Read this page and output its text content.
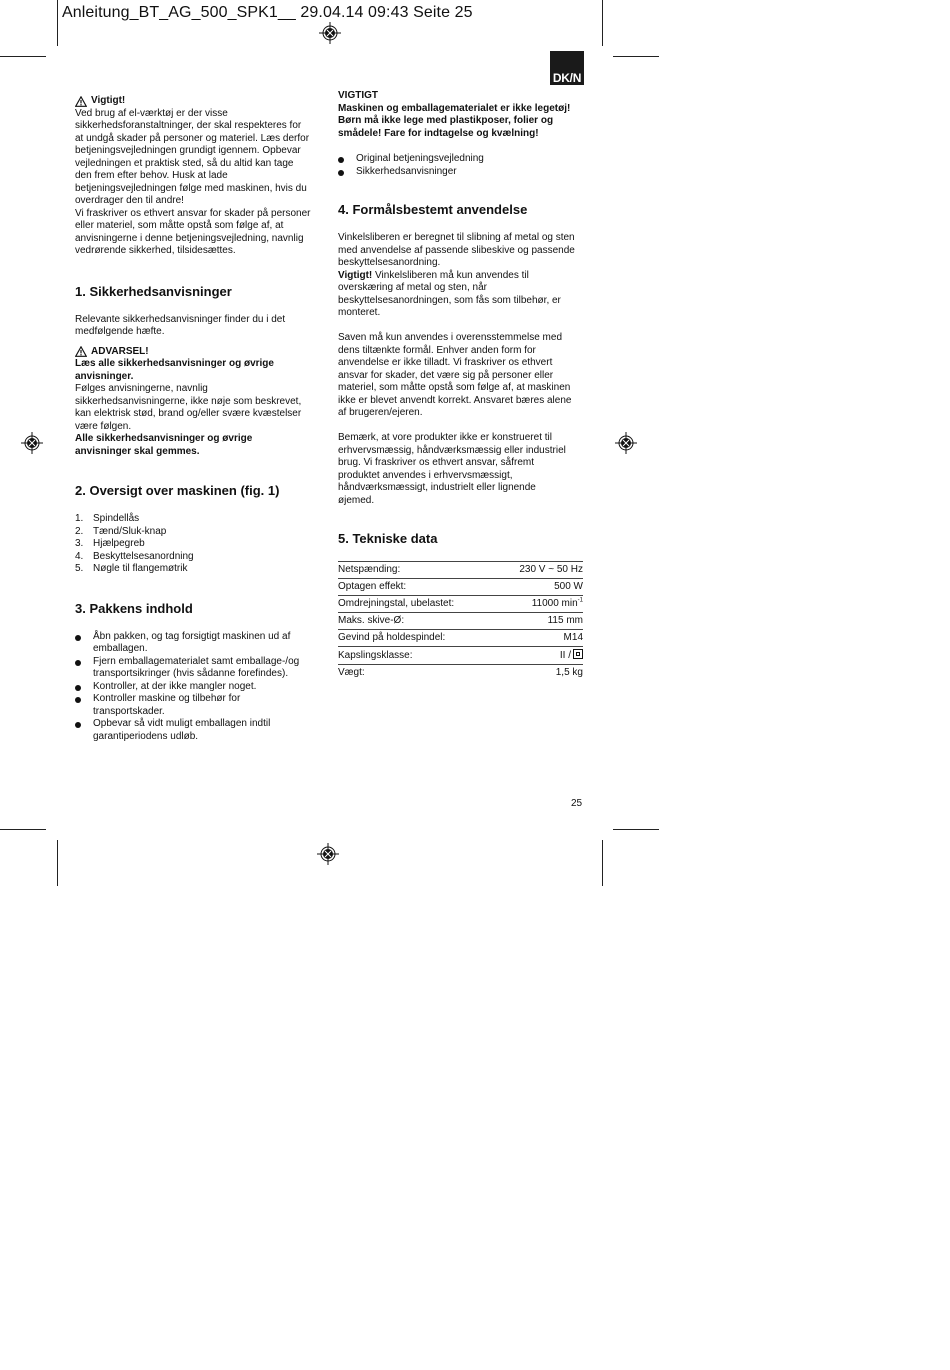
Anleitung_BT_AG_500_SPK1__ 29.04.14 09:43 Seite 25
DK/N
Vigtigt!

Ved brug af el-værktøj er der visse

sikkerhedsforanstaltninger, der skal respekteres for

at undgå skader på personer og materiel. Læs derfor

betjeningsvejledningen grundigt igennem. Opbevar

vejledningen et praktisk sted, så du altid kan tage

den frem efter behov. Husk at lade

betjeningsvejledningen følge med maskinen, hvis du

overdrager den til andre!

Vi fraskriver os ethvert ansvar for skader på personer

eller materiel, som måtte opstå som følge af, at

anvisningerne i denne betjeningsvejledning, navnlig

vedrørende sikkerhed, tilsidesættes.

1. Sikkerhedsanvisninger

Relevante sikkerhedsanvisninger finder du i det

medfølgende hæfte.

ADVARSEL!

Læs alle sikkerhedsanvisninger og øvrige

anvisninger.

Følges anvisningerne, navnlig

sikkerhedsanvisningerne, ikke nøje som beskrevet,

kan elektrisk stød, brand og/eller svære kvæstelser

være følgen.

Alle sikkerhedsanvisninger og øvrige

anvisninger skal gemmes.

2. Oversigt over maskinen (fig. 1)
1. Spindellås
2. Tænd/Sluk-knap
3. Hjælpegreb
4. Beskyttelsesanordning
5. Nøgle til flangemøtrik
3. Pakkens indhold
Åbn pakken, og tag forsigtigt maskinen ud af
emballagen.
Fjern emballagematerialet samt emballage-/og
transportsikringer (hvis sådanne forefindes).
Kontroller, at der ikke mangler noget.
Kontroller maskine og tilbehør for
transportskader.
Opbevar så vidt muligt emballagen indtil
garantiperiodens udløb.

VIGTIGT

Maskinen og emballagematerialet er ikke legetøj!

Børn må ikke lege med plastikposer, folier og

smådele! Fare for indtagelse og kvælning!

Original betjeningsvejledning
Sikkerhedsanvisninger
4. Formålsbestemt anvendelse

Vinkelsliberen er beregnet til slibning af metal og sten

med anvendelse af passende slibeskive og passende

beskyttelsesanordning.

Vigtigt! Vinkelsliberen må kun anvendes til

overskæring af metal og sten, når

beskyttelsesanordningen, som fås som tilbehør, er

monteret.

Saven må kun anvendes i overensstemmelse med

dens tiltænkte formål. Enhver anden form for

anvendelse er ikke tilladt. Vi fraskriver os ethvert

ansvar for skader, det være sig på personer eller

materiel, som måtte opstå som følge af, at maskinen

ikke er blevet anvendt korrekt. Ansvaret bæres alene

af brugeren/ejeren.

Bemærk, at vore produkter ikke er konstrueret til

erhvervsmæssig, håndværksmæssig eller industriel

brug. Vi fraskriver os ethvert ansvar, såfremt

produktet anvendes i erhvervsmæssigt,

håndværksmæssigt, industrielt eller lignende

øjemed.

5. Tekniske data
Netspænding:	230 V ~ 50 Hz
Optagen effekt:	500 W
Omdrejningstal, ubelastet:	11000 $\min^{-1}$
Maks. skive-Ø:	115 mm
Gevind på holdespindel:	M14
Kapslingsklasse:	II /
Vægt:	1,5 kg
25
